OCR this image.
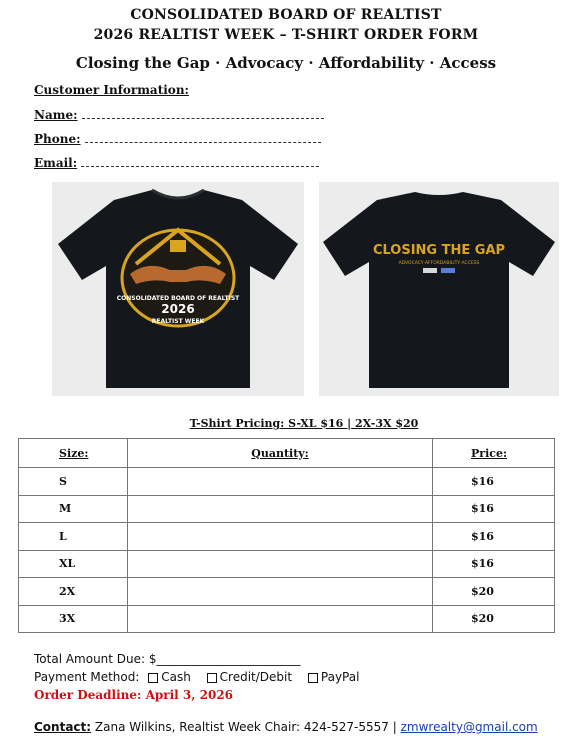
CONSOLIDATED BOARD OF REALTIST
2026 REALTIST WEEK – T-SHIRT ORDER FORM
Closing the Gap · Advocacy · Affordability · Access
Customer Information:
Name:
Phone:
Email:
CONSOLIDATED BOARD OF REALTIST
2026
REALTIST WEEK
CLOSING THE GAP
ADVOCACY·AFFORDABILITY·ACCESS
T-Shirt Pricing: S-XL $16 | 2X-3X $20
Size:	Quantity:	Price:
S		$16
M		$16
L		$16
XL		$16
2X		$20
3X		$20
Total Amount Due: $________________________
Payment Method: Cash Credit/Debit PayPal
Order Deadline: April 3, 2026
Contact: Zana Wilkins, Realtist Week Chair: 424-527-5557 | zmwrealty@gmail.com
